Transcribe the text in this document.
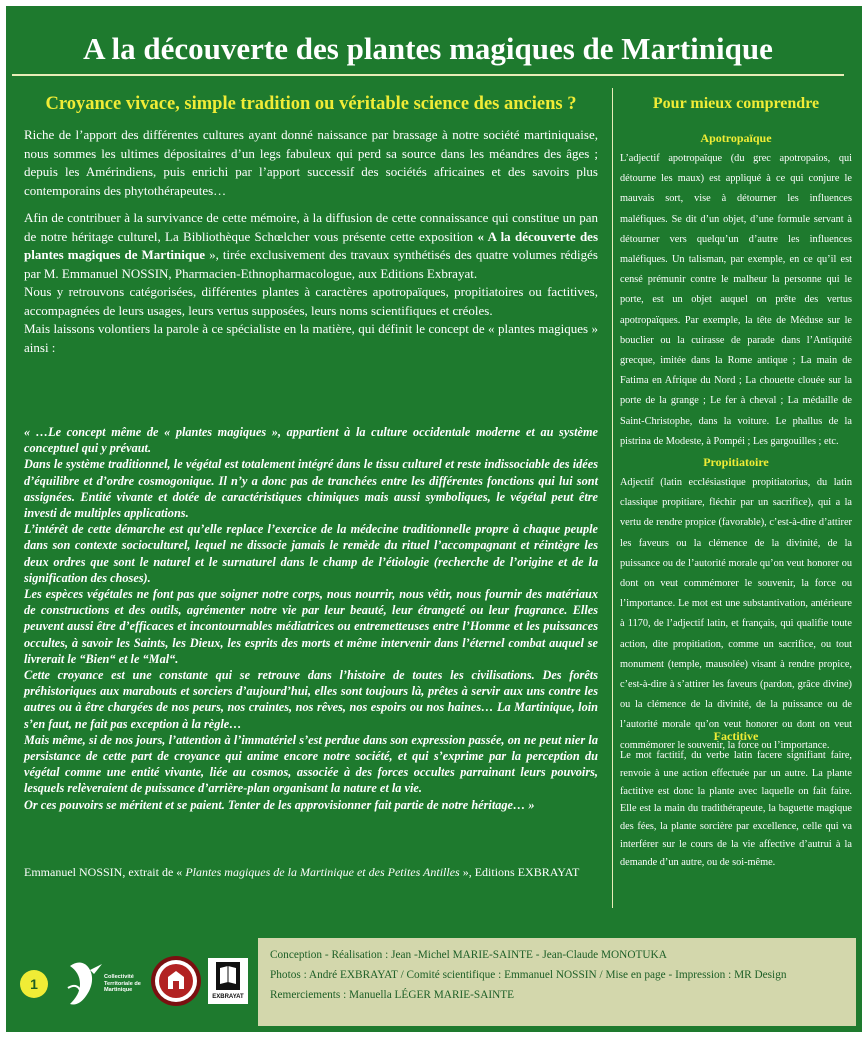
A la découverte des plantes magiques de Martinique
Croyance vivace, simple tradition ou véritable science des anciens ?

Riche de l’apport des différentes cultures ayant donné naissance par brassage à notre société martiniquaise, nous sommes les ultimes dépositaires d’un legs fabuleux qui perd sa source dans les méandres des âges ; depuis les Amérindiens, puis enrichi par l’apport successif des sociétés africaines et des savoirs plus contemporains des phytothérapeutes…

Afin de contribuer à la survivance de cette mémoire, à la diffusion de cette connaissance qui constitue un pan de notre héritage culturel, La Bibliothèque Schœlcher vous présente cette exposition « A la découverte des plantes magiques de Martinique », tirée exclusivement des travaux synthétisés des quatre volumes rédigés par M. Emmanuel NOSSIN, Pharmacien-Ethnopharmacologue, aux Editions Exbrayat.

Nous y retrouvons catégorisées, différentes plantes à caractères apotropaïques, propitiatoires ou factitives, accompagnées de leurs usages, leurs vertus supposées, leurs noms scientifiques et créoles.

Mais laissons volontiers la parole à ce spécialiste en la matière, qui définit le concept de « plantes magiques » ainsi :

« …Le concept même de « plantes magiques », appartient à la culture occidentale moderne et au système conceptuel qui y prévaut.

Dans le système traditionnel, le végétal est totalement intégré dans le tissu culturel et reste indissociable des idées d’équilibre et d’ordre cosmogonique. Il n’y a donc pas de tranchées entre les différentes fonctions qui lui sont assignées. Entité vivante et dotée de caractéristiques chimiques mais aussi symboliques, le végétal peut être investi de multiples applications.

L’intérêt de cette démarche est qu’elle replace l’exercice de la médecine traditionnelle propre à chaque peuple dans son contexte socioculturel, lequel ne dissocie jamais le remède du rituel l’accompagnant et réintègre les deux ordres que sont le naturel et le surnaturel dans le champ de l’étiologie (recherche de l’origine et de la signification des choses).

Les espèces végétales ne font pas que soigner notre corps, nous nourrir, nous vêtir, nous fournir des matériaux de constructions et des outils, agrémenter notre vie par leur beauté, leur étrangeté ou leur fragrance. Elles peuvent aussi être d’efficaces et incontournables médiatrices ou entremetteuses entre l’Homme et les puissances occultes, à savoir les Saints, les Dieux, les esprits des morts et même intervenir dans l’éternel combat auquel se livrerait le “Bien“ et le “Mal“.

Cette croyance est une constante qui se retrouve dans l’histoire de toutes les civilisations. Des forêts préhistoriques aux marabouts et sorciers d’aujourd’hui, elles sont toujours là, prêtes à servir aux uns contre les autres ou à être chargées de nos peurs, nos craintes, nos rêves, nos espoirs ou nos haines… La Martinique, loin s’en faut, ne fait pas exception à la règle…

Mais même, si de nos jours, l’attention à l’immatériel s’est perdue dans son expression passée, on ne peut nier la persistance de cette part de croyance qui anime encore notre société, et qui s’exprime par la perception du végétal comme une entité vivante, liée au cosmos, associée à des forces occultes parrainant leurs pouvoirs, lesquels relèveraient de puissance d’arrière-plan organisant la nature et la vie.

Or ces pouvoirs se méritent et se paient. Tenter de les approvisionner fait partie de notre héritage… »

Emmanuel NOSSIN, extrait de « Plantes magiques de la Martinique et des Petites Antilles », Editions EXBRAYAT

Pour mieux comprendre
Apotropaïque

L’adjectif apotropaïque (du grec apotropaios, qui détourne les maux) est appliqué à ce qui conjure le mauvais sort, vise à détourner les influences maléfiques. Se dit d’un objet, d’une formule servant à détourner vers quelqu’un d’autre les influences maléfiques. Un talisman, par exemple, en ce qu’il est censé prémunir contre le malheur la personne qui le porte, est un objet auquel on prête des vertus apotropaïques. Par exemple, la tête de Méduse sur le bouclier ou la cuirasse de parade dans l’Antiquité grecque, imitée dans la Rome antique ; La main de Fatima en Afrique du Nord ; La chouette clouée sur la porte de la grange ; Le fer à cheval ; La médaille de Saint-Christophe, dans la voiture. Le phallus de la pistrina de Modeste, à Pompéi ; Les gargouilles ; etc.

Propitiatoire

Adjectif (latin ecclésiastique propitiatorius, du latin classique propitiare, fléchir par un sacrifice), qui a la vertu de rendre propice (favorable), c’est-à-dire d’attirer les faveurs ou la clémence de la divinité, de la puissance ou de l’autorité morale qu’on veut honorer ou dont on veut commémorer le souvenir, la force ou l’importance. Le mot est une substantivation, antérieure à 1170, de l’adjectif latin, et français, qui qualifie toute action, dite propitiation, comme un sacrifice, ou tout monument (temple, mausolée) visant à rendre propice, c’est-à-dire à s’attirer les faveurs (pardon, grâce divine) ou la clémence de la divinité, de la puissance ou de l’autorité morale qu’on veut honorer ou dont on veut commémorer le souvenir, la force ou l’importance.

Factitive

Le mot factitif, du verbe latin facere signifiant faire, renvoie à une action effectuée par un autre. La plante factitive est donc la plante avec laquelle on fait faire. Elle est la main du tradithérapeute, la baguette magique des fées, la plante sorcière par excellence, celle qui va interférer sur le cours de la vie affective d’autrui à la demande d’un autre, ou de soi-même.

1	Collectivité Territoriale de Martinique
EXBRAYAT
Conception - Réalisation : Jean -Michel MARIE-SAINTE - Jean-Claude MONOTUKA
Photos : André EXBRAYAT / Comité scientifique : Emmanuel NOSSIN / Mise en page - Impression : MR Design
Remerciements : Manuella LÉGER MARIE-SAINTE
